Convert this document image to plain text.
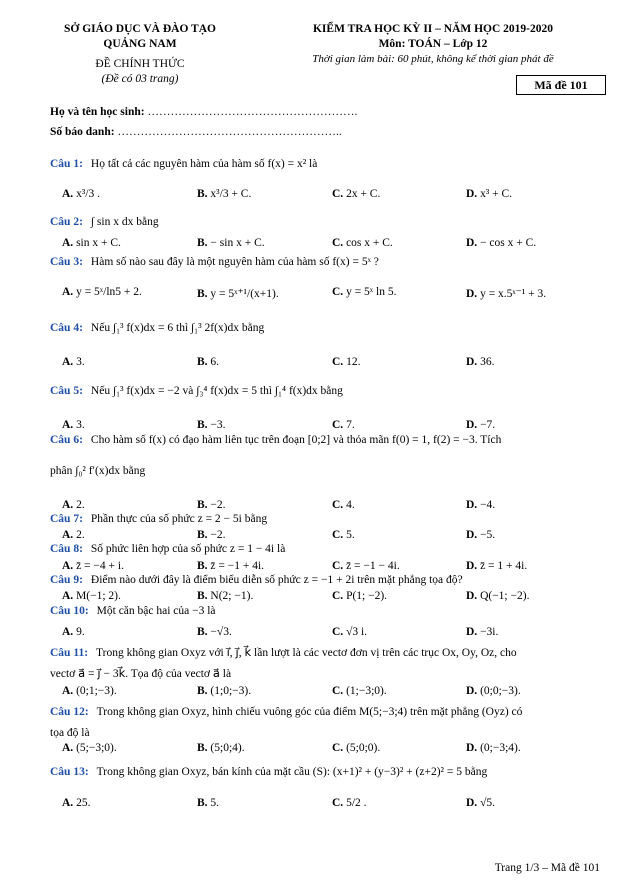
SỞ GIÁO DỤC VÀ ĐÀO TẠO
QUẢNG NAM
ĐỀ CHÍNH THỨC
(Đề có 03 trang)
KIỂM TRA HỌC KỲ II – NĂM HỌC 2019-2020
Môn: TOÁN – Lớp 12
Thời gian làm bài: 60 phút, không kể thời gian phát đề
Mã đề 101
Họ và tên học sinh: ……………………………………………….
Số báo danh: …………………………………………………..
Câu 1: Họ tất cả các nguyên hàm của hàm số f(x) = x² là
A. x³/3 .	B. x³/3 + C.	C. 2x + C.	D. x³ + C.
Câu 2: ∫ sin x dx bằng
A. sin x + C.	B. − sin x + C.	C. cos x + C.	D. − cos x + C.
Câu 3: Hàm số nào sau đây là một nguyên hàm của hàm số f(x) = 5ˣ ?
A. y = 5ˣ/ln5 + 2.	B. y = 5ˣ⁺¹/(x+1).	C. y = 5ˣ ln 5.	D. y = x.5ˣ⁻¹ + 3.
Câu 4: Nếu ∫₁³ f(x)dx = 6 thì ∫₁³ 2f(x)dx bằng
A. 3.	B. 6.	C. 12.	D. 36.
Câu 5: Nếu ∫₁³ f(x)dx = −2 và ∫₃⁴ f(x)dx = 5 thì ∫₁⁴ f(x)dx bằng
A. 3.	B. −3.	C. 7.	D. −7.
Câu 6: Cho hàm số f(x) có đạo hàm liên tục trên đoạn [0;2] và thỏa mãn f(0) = 1, f(2) = −3. Tích
phân ∫₀² f′(x)dx bằng
A. 2.	B. −2.	C. 4.	D. −4.
Câu 7: Phần thực của số phức z = 2 − 5i bằng
A. 2.	B. −2.	C. 5.	D. −5.
Câu 8: Số phức liên hợp của số phức z = 1 − 4i là
A. z̄ = −4 + i.	B. z̄ = −1 + 4i.	C. z̄ = −1 − 4i.	D. z̄ = 1 + 4i.
Câu 9: Điểm nào dưới đây là điểm biểu diễn số phức z = −1 + 2i trên mặt phẳng tọa độ?
A. M(−1; 2).	B. N(2; −1).	C. P(1; −2).	D. Q(−1; −2).
Câu 10: Một căn bậc hai của −3 là
A. 9.	B. −√3.	C. √3 i.	D. −3i.
Câu 11: Trong không gian Oxyz với i⃗, j⃗, k⃗ lần lượt là các vectơ đơn vị trên các trục Ox, Oy, Oz, cho
vectơ a⃗ = j⃗ − 3k⃗. Tọa độ của vectơ a⃗ là
A. (0;1;−3).	B. (1;0;−3).	C. (1;−3;0).	D. (0;0;−3).
Câu 12: Trong không gian Oxyz, hình chiếu vuông góc của điểm M(5;−3;4) trên mặt phẳng (Oyz) có
tọa độ là
A. (5;−3;0).	B. (5;0;4).	C. (5;0;0).	D. (0;−3;4).
Câu 13: Trong không gian Oxyz, bán kính của mặt cầu (S): (x+1)² + (y−3)² + (z+2)² = 5 bằng
A. 25.	B. 5.	C. 5/2 .	D. √5.
Trang 1/3 – Mã đề 101
